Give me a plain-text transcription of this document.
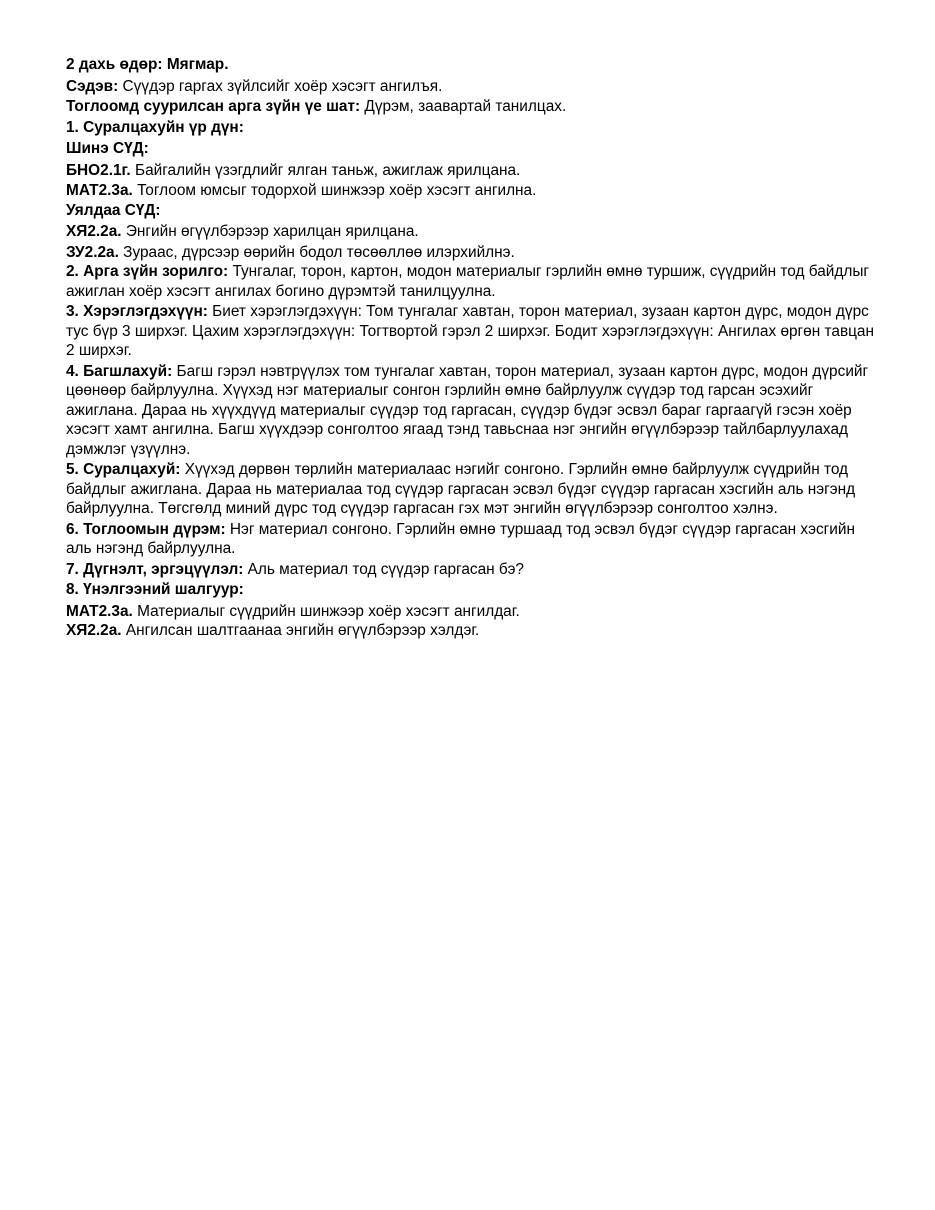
2 дахь өдөр: Мягмар.

Сэдэв: Сүүдэр гаргах зүйлсийг хоёр хэсэгт ангилъя.

Тоглоомд суурилсан арга зүйн үе шат: Дүрэм, заавартай танилцах.

1. Суралцахуйн үр дүн:

Шинэ СҮД:

БНО2.1г. Байгалийн үзэгдлийг ялган таньж, ажиглаж ярилцана.

МАТ2.3а. Тоглоом юмсыг тодорхой шинжээр хоёр хэсэгт ангилна.

Уялдаа СҮД:

ХЯ2.2а. Энгийн өгүүлбэрээр харилцан ярилцана.

ЗУ2.2а. Зураас, дүрсээр өөрийн бодол төсөөллөө илэрхийлнэ.

2. Арга зүйн зорилго: Тунгалаг, торон, картон, модон материалыг гэрлийн өмнө туршиж, сүүдрийн тод байдлыг ажиглан хоёр хэсэгт ангилах богино дүрэмтэй танилцуулна.

3. Хэрэглэгдэхүүн: Биет хэрэглэгдэхүүн: Том тунгалаг хавтан, торон материал, зузаан картон дүрс, модон дүрс тус бүр 3 ширхэг. Цахим хэрэглэгдэхүүн: Тогтвортой гэрэл 2 ширхэг. Бодит хэрэглэгдэхүүн: Ангилах өргөн тавцан 2 ширхэг.

4. Багшлахуй: Багш гэрэл нэвтрүүлэх том тунгалаг хавтан, торон материал, зузаан картон дүрс, модон дүрсийг цөөнөөр байрлуулна. Хүүхэд нэг материалыг сонгон гэрлийн өмнө байрлуулж сүүдэр тод гарсан эсэхийг ажиглана. Дараа нь хүүхдүүд материалыг сүүдэр тод гаргасан, сүүдэр бүдэг эсвэл бараг гаргаагүй гэсэн хоёр хэсэгт хамт ангилна. Багш хүүхдээр сонголтоо ягаад тэнд тавьснаа нэг энгийн өгүүлбэрээр тайлбарлуулахад дэмжлэг үзүүлнэ.

5. Суралцахуй: Хүүхэд дөрвөн төрлийн материалаас нэгийг сонгоно. Гэрлийн өмнө байрлуулж сүүдрийн тод байдлыг ажиглана. Дараа нь материалаа тод сүүдэр гаргасан эсвэл бүдэг сүүдэр гаргасан хэсгийн аль нэгэнд байрлуулна. Төгсгөлд миний дүрс тод сүүдэр гаргасан гэх мэт энгийн өгүүлбэрээр сонголтоо хэлнэ.

6. Тоглоомын дүрэм: Нэг материал сонгоно. Гэрлийн өмнө туршаад тод эсвэл бүдэг сүүдэр гаргасан хэсгийн аль нэгэнд байрлуулна.

7. Дүгнэлт, эргэцүүлэл: Аль материал тод сүүдэр гаргасан бэ?

8. Үнэлгээний шалгуур:

МАТ2.3а. Материалыг сүүдрийн шинжээр хоёр хэсэгт ангилдаг.

ХЯ2.2а. Ангилсан шалтгаанаа энгийн өгүүлбэрээр хэлдэг.
